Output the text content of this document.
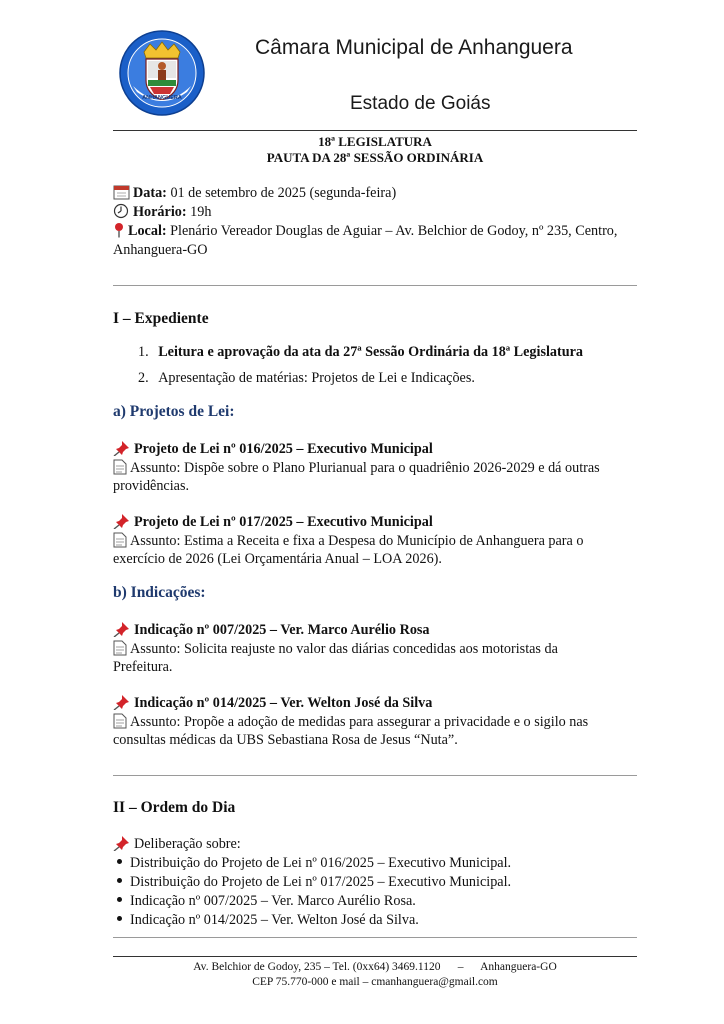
ANHANGUERA
Câmara Municipal de Anhanguera
Estado de Goiás
18ª LEGISLATURA
PAUTA DA 28ª SESSÃO ORDINÁRIA
Data: 01 de setembro de 2025 (segunda-feira)
Horário: 19h
Local: Plenário Vereador Douglas de Aguiar – Av. Belchior de Godoy, nº 235, Centro,
Anhanguera-GO
I – Expediente
1. Leitura e aprovação da ata da 27ª Sessão Ordinária da 18ª Legislatura
2. Apresentação de matérias: Projetos de Lei e Indicações.
a) Projetos de Lei:
Projeto de Lei nº 016/2025 – Executivo Municipal
Assunto: Dispõe sobre o Plano Plurianual para o quadriênio 2026-2029 e dá outras
providências.
Projeto de Lei nº 017/2025 – Executivo Municipal
Assunto: Estima a Receita e fixa a Despesa do Município de Anhanguera para o
exercício de 2026 (Lei Orçamentária Anual – LOA 2026).
b) Indicações:
Indicação nº 007/2025 – Ver. Marco Aurélio Rosa
Assunto: Solicita reajuste no valor das diárias concedidas aos motoristas da
Prefeitura.
Indicação nº 014/2025 – Ver. Welton José da Silva
Assunto: Propõe a adoção de medidas para assegurar a privacidade e o sigilo nas
consultas médicas da UBS Sebastiana Rosa de Jesus “Nuta”.
II – Ordem do Dia
Deliberação sobre:
Distribuição do Projeto de Lei nº 016/2025 – Executivo Municipal.
Distribuição do Projeto de Lei nº 017/2025 – Executivo Municipal.
Indicação nº 007/2025 – Ver. Marco Aurélio Rosa.
Indicação nº 014/2025 – Ver. Welton José da Silva.
Av. Belchior de Godoy, 235 – Tel. (0xx64) 3469.1120      –      Anhanguera-GO
CEP 75.770-000 e mail – cmanhanguera@gmail.com
